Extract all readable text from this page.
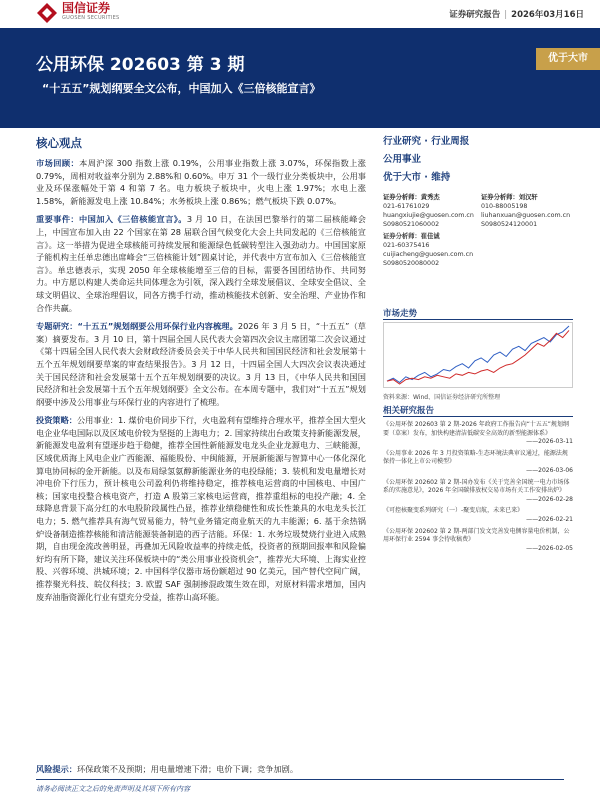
国信证券
GUOSEN SECURITIES	证券研究报告 | 2026年03月16日
公用环保 202603 第 3 期
“十五五”规划纲要全文公布，中国加入《三倍核能宣言》
优于大市
核心观点

市场回顾：本周沪深 300 指数上涨 0.19%，公用事业指数上涨 3.07%，环保指数上涨 0.79%，周相对收益率分别为 2.88%和 0.60%。申万 31 个一级行业分类板块中，公用事业及环保涨幅处于第 4 和第 7 名。电力板块子板块中，火电上涨 1.97%；水电上涨 1.58%，新能源发电上涨 10.84%；水务板块上涨 0.86%；燃气板块下跌 0.07%。

重要事件：中国加入《三倍核能宣言》。3 月 10 日，在法国巴黎举行的第二届核能峰会上，中国宣布加入由 22 个国家在第 28 届联合国气候变化大会上共同发起的《三倍核能宣言》。这一举措为促进全球核能可持续发展和能源绿色低碳转型注入强劲动力。中国国家原子能机构主任单忠德出席峰会“三倍核能计划”圆桌讨论，并代表中方宣布加入《三倍核能宣言》。单忠德表示，实现 2050 年全球核能增至三倍的目标，需要各国团结协作、共同努力。中方愿以构建人类命运共同体理念为引领，深入践行全球发展倡议、全球安全倡议、全球文明倡议、全球治理倡议，同各方携手行动，推动核能技术创新、安全治理、产业协作和合作共赢。

专题研究：“十五五”规划纲要公用环保行业内容梳理。2026 年 3 月 5 日，“十五五”（草案）摘要发布。3 月 10 日，第十四届全国人民代表大会第四次会议主席团第二次会议通过《第十四届全国人民代表大会财政经济委员会关于中华人民共和国国民经济和社会发展第十五个五年规划纲要草案的审查结果报告》。3 月 12 日，十四届全国人大四次会议表决通过关于国民经济和社会发展第十五个五年规划纲要的决议。3 月 13 日，《中华人民共和国国民经济和社会发展第十五个五年规划纲要》全文公布。在本周专题中，我们对“十五五”规划纲要中涉及公用事业与环保行业的内容进行了梳理。

投资策略：公用事业：1. 煤价电价同步下行，火电盈利有望维持合理水平，推荐全国大型火电企业华电国际以及区域电价较为坚挺的上海电力；2. 国家持续出台政策支持新能源发展，新能源发电盈利有望逐步趋于稳健，推荐全国性新能源发电龙头企业龙源电力、三峡能源，区域优质海上风电企业广西能源、福能股份、中闽能源，开展新能源与智算中心一体化深化算电协同标的金开新能。以及布局绿氢氨醇新能源业务的电投绿能；3. 装机和发电量增长对冲电价下行压力，预计核电公司盈利仍将维持稳定，推荐核电运营商的中国核电、中国广核；国家电投整合核电资产，打造 A 股第三家核电运营商，推荐重组标的电投产融；4. 全球降息背景下高分红的水电股阶段属性凸显，推荐业绩稳健性和成长性兼具的水电龙头长江电力；5. 燃气推荐具有海气贸易能力，特气业务锚定商业航天的九丰能源；6. 基于余热锅炉设备制造推荐核能和清洁能源装备制造的西子洁能。环保：1. 水务垃圾焚烧行业进入成熟期，自由现金流改善明显，再叠加无风险收益率的持续走低，投资者的预期回报率和风险偏好均有所下降，建议关注环保板块中的“类公用事业投资机会”，推荐光大环境、上海实业控股、兴蓉环境、洪城环境；2. 中国科学仪器市场份额超过 90 亿美元，国产替代空间广阔，推荐聚光科技、皖仪科技；3. 欧盟 SAF 强制掺混政策生效在即，对原材料需求增加，国内废弃油脂资源化行业有望充分受益，推荐山高环能。

风险提示：环保政策不及预期；用电量增速下滑；电价下调；竞争加剧。
请务必阅读正文之后的免责声明及其项下所有内容
行业研究 · 行业周报
公用事业
优于大市 · 维持
证券分析师：黄秀杰
021-61761029
huangxiujie@guosen.com.cn
S0980521060002
证券分析师：刘汉轩
010-88005198
liuhanxuan@guosen.com.cn
S0980524120001
证券分析师：崔佳诚
021-60375416
cuijiacheng@guosen.com.cn
S0980520080002
市场走势
资料来源：Wind、国信证券经济研究所整理
相关研究报告
《公用环保 202603 第 2 期-2026 年政府工作报告向“十五五”规划纲要（草案）发布，加快构建清洁低碳安全高效的新型能源体系》
——2026-03-11
《公用事业 2026 年 3 月投资策略-生态环境法典审议通过，能源法规保持一体化上市公司模型》
——2026-03-06
《公用环保 202602 第 2 期-国办发布《关于完善全国统一电力市场体系的实施意见》，2026 年全国碳排放权交易市场有关工作安排出炉》
——2026-02-28
《可控核聚变系列研究（一）-聚变启航，未来已来》
——2026-02-21
《公用环保 202602 第 2 期-两部门发文完善发电侧容量电价机制，公用环保行业 2594 事会待收稿费》
——2026-02-05
